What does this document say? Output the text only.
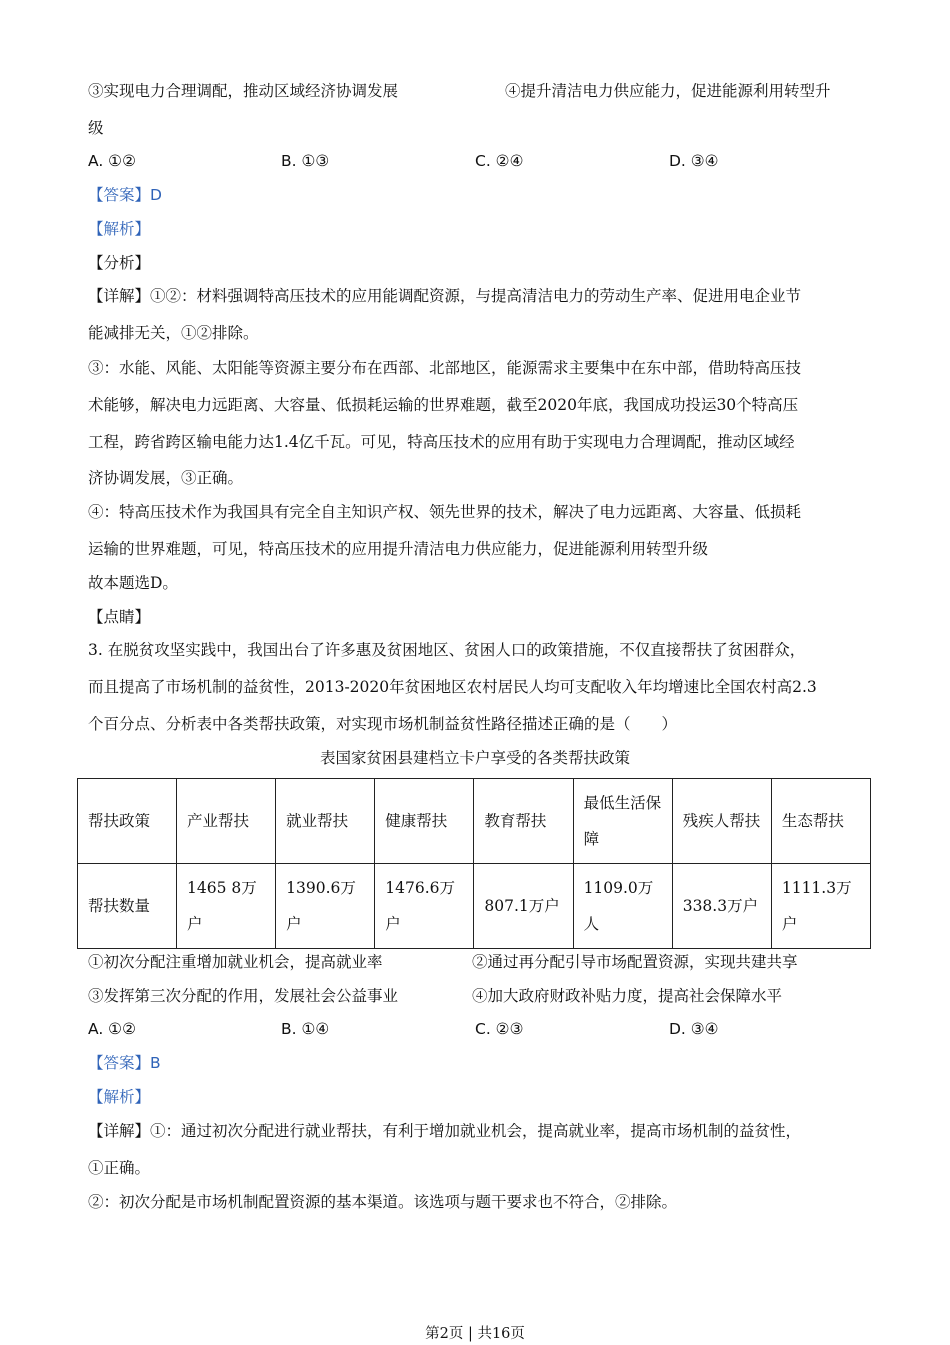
③实现电力合理调配，推动区域经济协调发展	④提升清洁电力供应能力，促进能源利用转型升
级
A. ①②	B. ①③	C. ②④	D. ③④
【答案】D
【解析】
【分析】
【详解】①②：材料强调特高压技术的应用能调配资源，与提高清洁电力的劳动生产率、促进用电企业节
能减排无关，①②排除。
③：水能、风能、太阳能等资源主要分布在西部、北部地区，能源需求主要集中在东中部，借助特高压技
术能够，解决电力远距离、大容量、低损耗运输的世界难题，截至2020年底，我国成功投运30个特高压
工程，跨省跨区输电能力达1.4亿千瓦。可见，特高压技术的应用有助于实现电力合理调配，推动区域经
济协调发展，③正确。
④：特高压技术作为我国具有完全自主知识产权、领先世界的技术，解决了电力远距离、大容量、低损耗
运输的世界难题，可见，特高压技术的应用提升清洁电力供应能力，促进能源利用转型升级
故本题选D。
【点睛】
3. 在脱贫攻坚实践中，我国出台了许多惠及贫困地区、贫困人口的政策措施，不仅直接帮扶了贫困群众，
而且提高了市场机制的益贫性，2013-2020年贫困地区农村居民人均可支配收入年均增速比全国农村高2.3
个百分点、分析表中各类帮扶政策，对实现市场机制益贫性路径描述正确的是（　　）
表国家贫困县建档立卡户享受的各类帮扶政策
帮扶政策	产业帮扶	就业帮扶	健康帮扶	教育帮扶	最低生活保障	残疾人帮扶	生态帮扶
帮扶数量	1465 8万户	1390.6万户	1476.6万户	807.1万户	1109.0万人	338.3万户	1111.3万户
①初次分配注重增加就业机会，提高就业率	②通过再分配引导市场配置资源，实现共建共享
③发挥第三次分配的作用，发展社会公益事业	④加大政府财政补贴力度，提高社会保障水平
A. ①②	B. ①④	C. ②③	D. ③④
【答案】B
【解析】
【详解】①：通过初次分配进行就业帮扶，有利于增加就业机会，提高就业率，提高市场机制的益贫性，
①正确。
②：初次分配是市场机制配置资源的基本渠道。该选项与题干要求也不符合，②排除。
第2页 | 共16页
